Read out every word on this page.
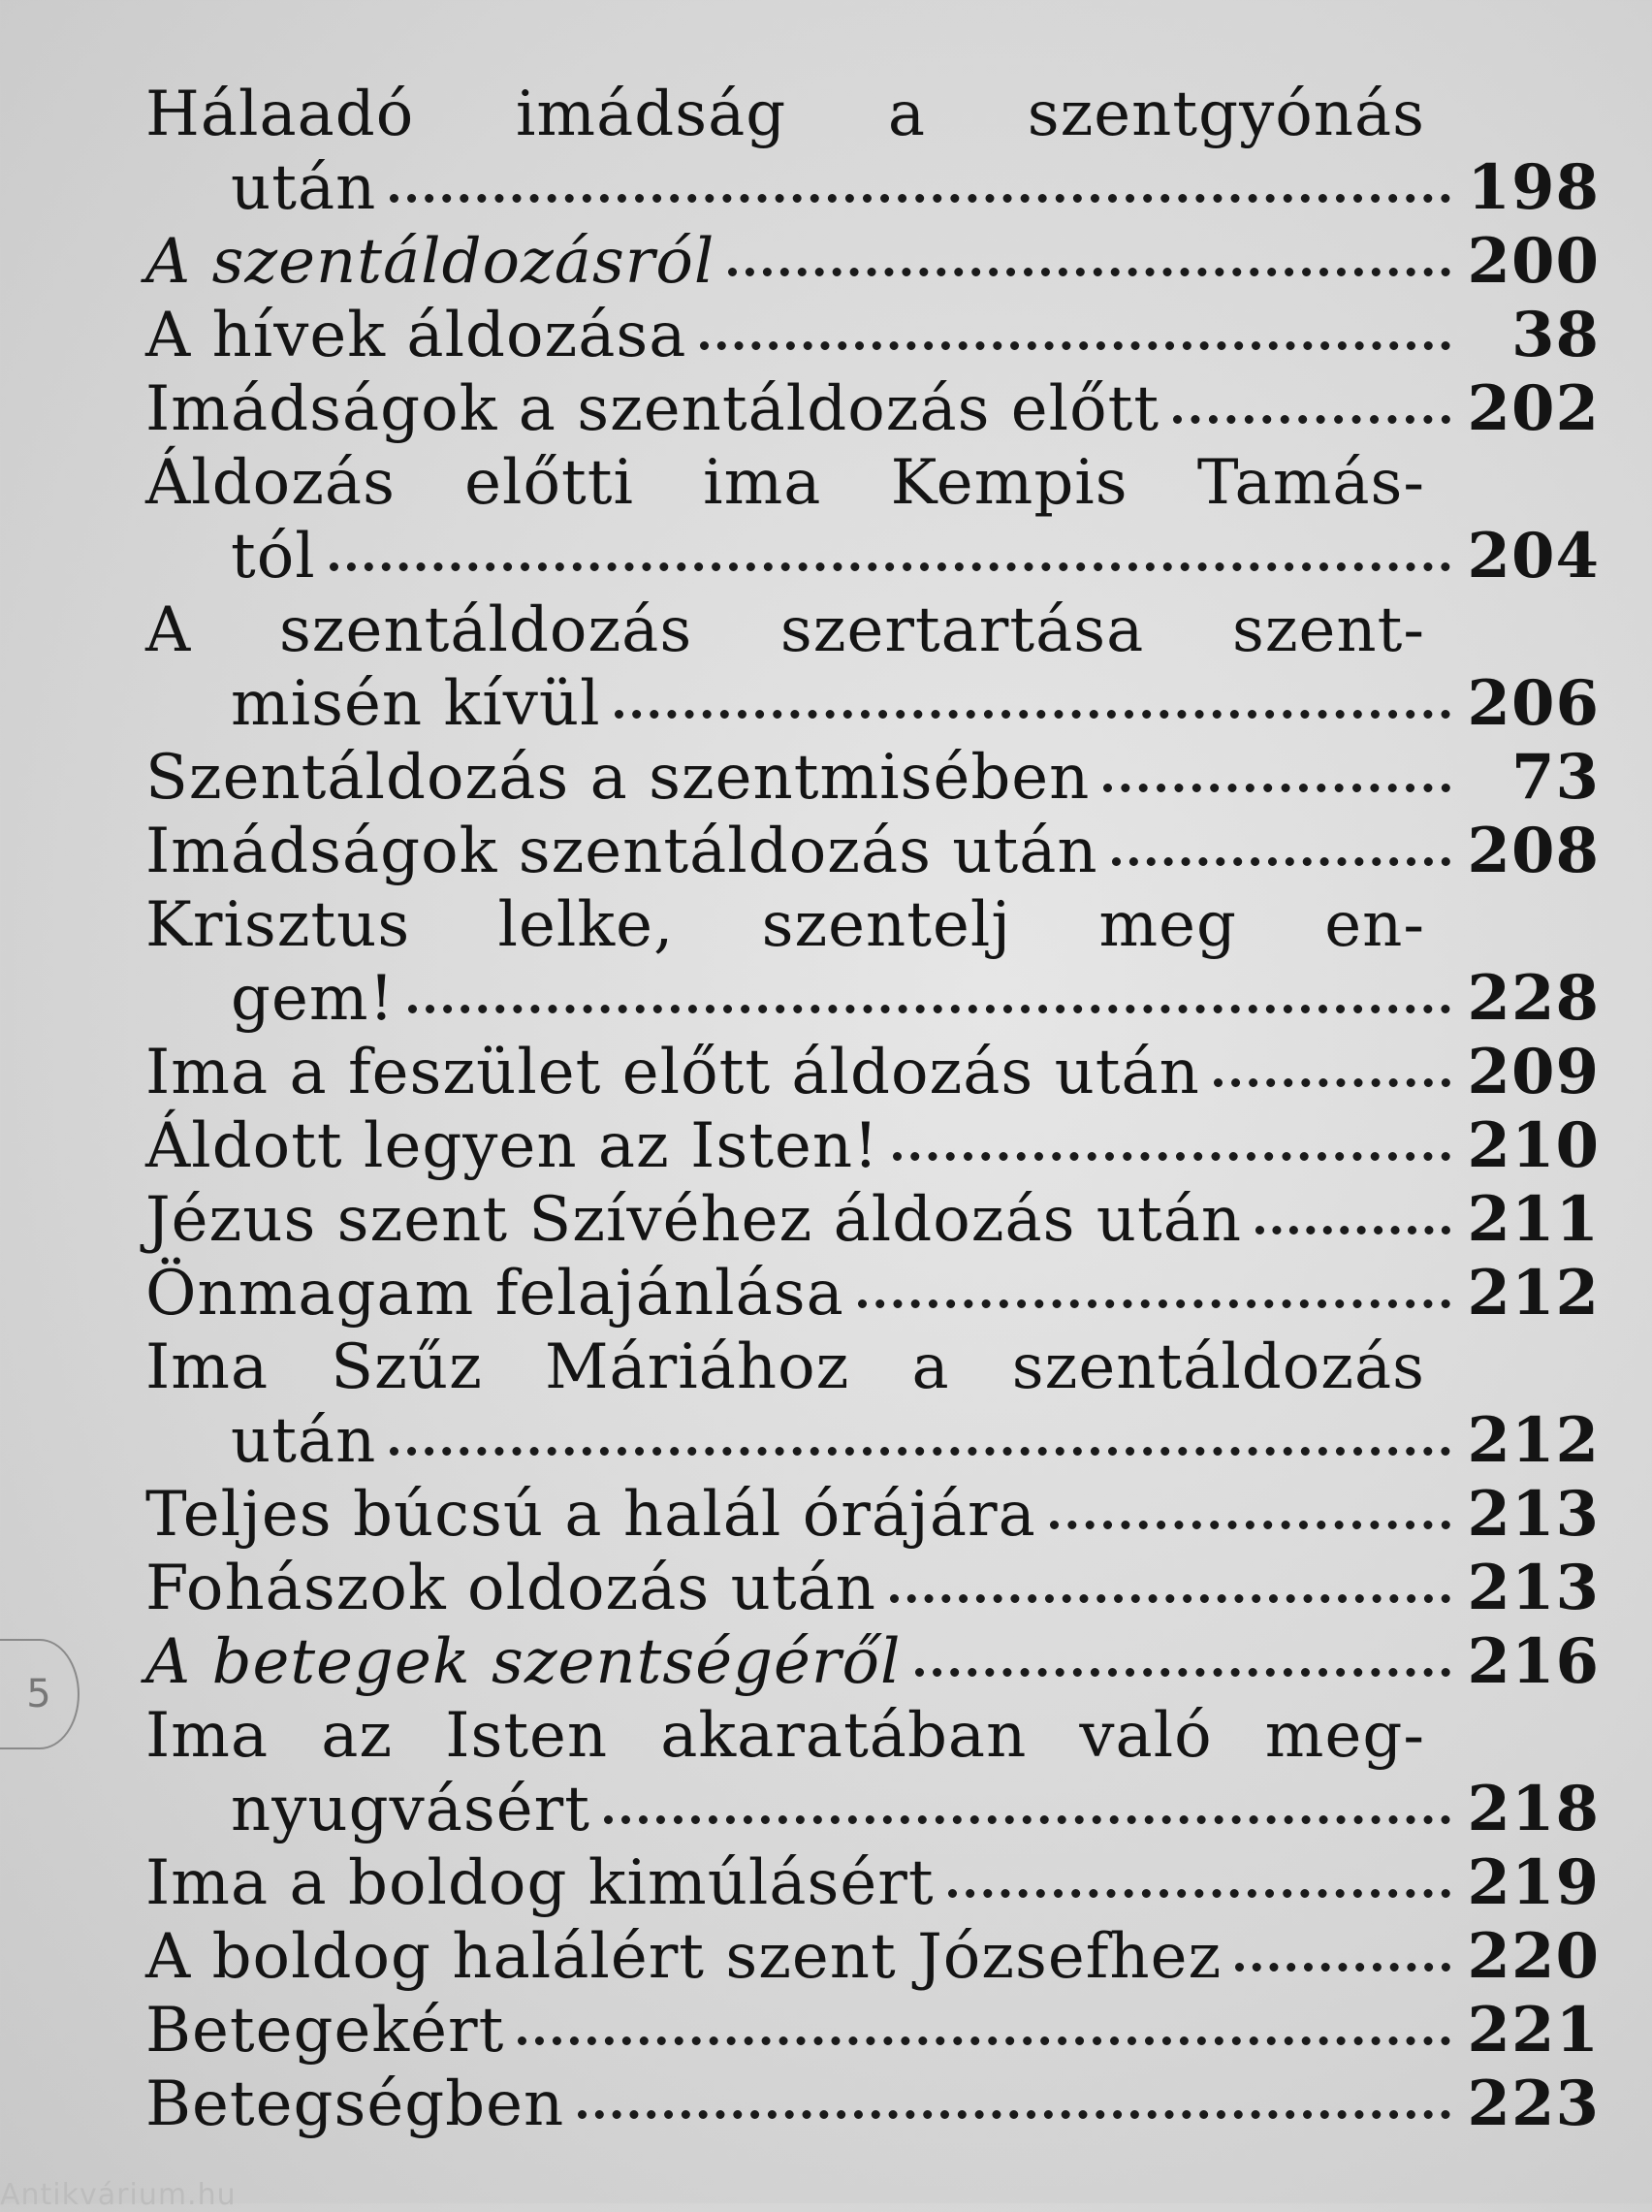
Hálaadó imádság a szentgyónás
után	198
A szentáldozásról	200
A hívek áldozása	38
Imádságok a szentáldozás előtt	202
Áldozás előtti ima Kempis Tamás-
tól	204
A szentáldozás szertartása szent-
misén kívül	206
Szentáldozás a szentmisében	73
Imádságok szentáldozás után	208
Krisztus lelke, szentelj meg en-
gem!	228
Ima a feszület előtt áldozás után	209
Áldott legyen az Isten!	210
Jézus szent Szívéhez áldozás után	211
Önmagam felajánlása	212
Ima Szűz Máriához a szentáldozás
után	212
Teljes búcsú a halál órájára	213
Fohászok oldozás után	213
A betegek szentségéről	216
Ima az Isten akaratában való meg-
nyugvásért	218
Ima a boldog kimúlásért	219
A boldog halálért szent Józsefhez	220
Betegekért	221
Betegségben	223
5
Antikvárium.hu
